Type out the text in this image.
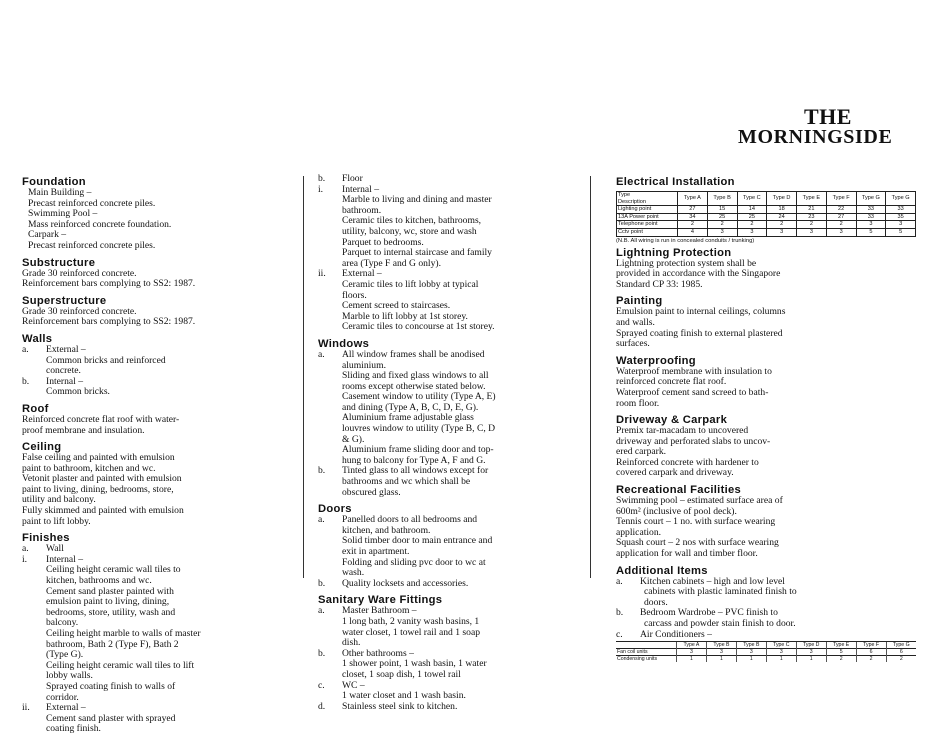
THE
MORNINGSIDE
Foundation
Main Building –
Precast reinforced concrete piles.
Swimming Pool –
Mass reinforced concrete foundation.
Carpark –
Precast reinforced concrete piles.
Substructure
Grade 30 reinforced concrete.
Reinforcement bars complying to SS2: 1987.
Superstructure
Grade 30 reinforced concrete.
Reinforcement bars complying to SS2: 1987.
Walls
a. External –
Common bricks and reinforced
concrete.
b. Internal –
Common bricks.
Roof
Reinforced concrete flat roof with water-
proof membrane and insulation.
Ceiling
False ceiling and painted with emulsion
paint to bathroom, kitchen and wc.
Vetonit plaster and painted with emulsion
paint to living, dining, bedrooms, store,
utility and balcony.
Fully skimmed and painted with emulsion
paint to lift lobby.
Finishes
a. Wall
i. Internal –
Ceiling height ceramic wall tiles to
kitchen, bathrooms and wc.
Cement sand plaster painted with
emulsion paint to living, dining,
bedrooms, store, utility, wash and
balcony.
Ceiling height marble to walls of master
bathroom, Bath 2 (Type F), Bath 2
(Type G).
Ceiling height ceramic wall tiles to lift
lobby walls.
Sprayed coating finish to walls of
corridor.
ii. External –
Cement sand plaster with sprayed
coating finish.
b. Floor
i. Internal –
Marble to living and dining and master
bathroom.
Ceramic tiles to kitchen, bathrooms,
utility, balcony, wc, store and wash
Parquet to bedrooms.
Parquet to internal staircase and family
area (Type F and G only).
ii. External –
Ceramic tiles to lift lobby at typical
floors.
Cement screed to staircases.
Marble to lift lobby at 1st storey.
Ceramic tiles to concourse at 1st storey.
Windows
a. All window frames shall be anodised
aluminium.
Sliding and fixed glass windows to all
rooms except otherwise stated below.
Casement window to utility (Type A, E)
and dining (Type A, B, C, D, E, G).
Aluminium frame adjustable glass
louvres window to utility (Type B, C, D
& G).
Aluminium frame sliding door and top-
hung to balcony for Type A, F and G.
b. Tinted glass to all windows except for
bathrooms and wc which shall be
obscured glass.
Doors
a. Panelled doors to all bedrooms and
kitchen, and bathroom.
Solid timber door to main entrance and
exit in apartment.
Folding and sliding pvc door to wc at
wash.
b. Quality locksets and accessories.
Sanitary Ware Fittings
a. Master Bathroom –
1 long bath, 2 vanity wash basins, 1
water closet, 1 towel rail and 1 soap
dish.
b. Other bathrooms –
1 shower point, 1 wash basin, 1 water
closet, 1 soap dish, 1 towel rail
c. WC –
1 water closet and 1 wash basin.
d. Stainless steel sink to kitchen.
Electrical Installation
Type
Description	Type A	Type B	Type C	Type D	Type E	Type F	Type G	Type G
Lighting point	27	15	14	18	21	22	33	33
13A Power point	34	25	25	24	23	27	33	35
Telephone point	2	2	2	2	2	2	3	3
Cctv point	4	3	3	3	3	3	5	5
(N.B. All wiring is run in concealed conduits / trunking)
Lightning Protection
Lightning protection system shall be
provided in accordance with the Singapore
Standard CP 33: 1985.
Painting
Emulsion paint to internal ceilings, columns
and walls.
Sprayed coating finish to external plastered
surfaces.
Waterproofing
Waterproof membrane with insulation to
reinforced concrete flat roof.
Waterproof cement sand screed to bath-
room floor.
Driveway & Carpark
Premix tar-macadam to uncovered
driveway and perforated slabs to uncov-
ered carpark.
Reinforced concrete with hardener to
covered carpark and driveway.
Recreational Facilities
Swimming pool – estimated surface area of
600m² (inclusive of pool deck).
Tennis court – 1 no. with surface wearing
application.
Squash court – 2 nos with surface wearing
application for wall and timber floor.
Additional Items
a. Kitchen cabinets – high and low level
cabinets with plastic laminated finish to
doors.
b. Bedroom Wardrobe – PVC finish to
carcass and powder stain finish to door.
c. Air Conditioners –
	Type A	Type B	Type B	Type C	Type D	Type E	Type F	Type G
Fan coil units	3	3	3	3	3	5	6	6
Condensing units	1	1	1	1	1	2	2	2
